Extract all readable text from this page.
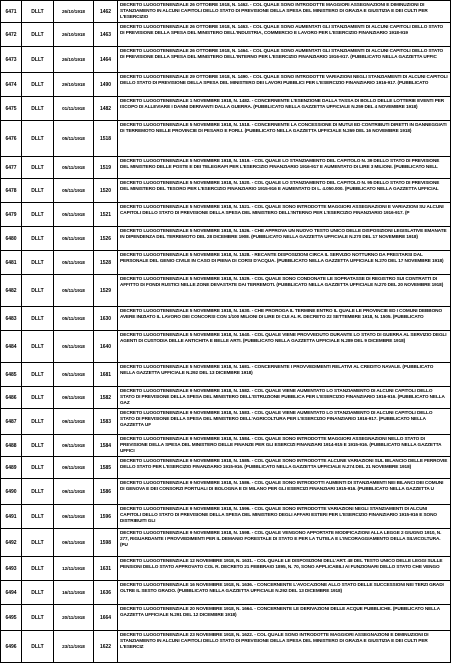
6471	DLLT	26/10/1918	1462
DECRETO LUOGOTENENZIALE 26 OTTOBRE 1918, N. 1462. - COL QUALE SONO INTRODOTTE MAGGIORI ASSEGNAZIONI E DIMINUZIONI DI STANZIAMENTO IN ALCUNI CAPITOLI DELLO STATO DI PREVISIONE DELLA SPESA DEL MINISTERO DI GRAZIA E GIUSTIZIA E DEI CULTI PER L'ESERCIZIO
6472	DLLT	26/10/1918	1463
DECRETO LUOGOTENENZIALE 26 OTTOBRE 1918, N. 1463. - COL QUALE SONO AUMENTATI GLI STANZIAMENTI DI ALCUNI CAPITOLI DELLO STATO DI PREVISIONE DELLA SPESA DEL MINISTERO DELL'INDUSTRIA, COMMERCIO E LAVORO PER L'ESERCIZIO FINANZIARIO 1918-919
6473	DLLT	26/10/1918	1464
DECRETO LUOGOTENENZIALE 26 OTTOBRE 1918, N. 1464. - COL QUALE SONO AUMENTATI GLI STANZIAMENTI DI ALCUNI CAPITOLI DELLO STATO DI PREVISIONE DELLA SPESA DEL MINISTERO DELL'INTERNO PER L'ESERCIZIO FINANZIARIO 1916-917. (PUBBLICATO NELLA GAZZETTA UFFIC
6474	DLLT	29/10/1918	1490
DECRETO LUOGOTENENZIALE 29 OTTOBRE 1918, N. 1490. - COL QUALE SONO INTRODOTTE VARIAZIONI NEGLI STANZIAMENTI DI ALCUNI CAPITOLI DELLO STATO DI PREVISIONE DELLA SPESA DEL MINISTERO DEI LAVORI PUBBLICI PER L'ESERCIZIO FINANZIARIO 1916-917. (PUBBLICATO
6475	DLLT	01/11/1918	1482
DECRETO LUOGOTENENZIALE 1 NOVEMBRE 1918, N. 1482. - CONCERNENTE L'ESENZIONE DALLA TASSA DI BOLLO DELLE LOTTERIE EVENTI PER ISCOPO DI ALLEVIARE I DANNI DERIVANTI DALLA GUERRA. (PUBBLICATO NELLA GAZZETTA UFFICIALE N.259 DEL 4 NOVEMBRE 1918)
6476	DLLT	05/11/1918	1518
DECRETO LUOGOTENENZIALE 5 NOVEMBRE 1918, N. 1518. - CONCERNENTE LA CONCESSIONE DI MUTUI ED CONTRIBUTI DIRETTI IN DANNEGGIATI DI TERREMOTO NELLE PROVINCIE DI PESARO E FORLI. (PUBBLICATO NELLA GAZZETTA UFFICIALE N.269 DEL 16 NOVEMBRE 1918)
6477	DLLT	05/11/1918	1519
DECRETO LUOGOTENENZIALE 5 NOVEMBRE 1918, N. 1519. - COL QUALE LO STANZIAMENTO DEL CAPITOLO N. 39 DELLO STATO DI PREVISIONE DEL MINISTERO DELLE POSTE E DEI TELEGRAFI PER L'ESERCIZIO FINANZIARIO 1916-917 E AUMENTATO DI LIRE 3 MILIONI. (PUBBLICATO NELL
6478	DLLT	05/11/1918	1520
DECRETO LUOGOTENENZIALE 5 NOVEMBRE 1918, N. 1520. - COL QUALE LO STANZIAMENTO DEL CAPITOLO N. 95 DELLO STATO DI PREVISIONE DEL MINISTERO DEL TESORO PER L'ESERCIZIO FINANZIARIO 1915-916 E AUMENTATO DI L. 4.050.000. (PUBBLICATO NELLA GAZZETTA UFFICIAL
6479	DLLT	05/11/1918	1521
DECRETO LUOGOTENENZIALE 5 NOVEMBRE 1918, N. 1521. - COL QUALE SONO INTRODOTTE MAGGIORI ASSEGNAZIONI E VARIAZIONI SU ALCUNI CAPITOLI DELLO STATO DI PREVISIONE DELLA SPESA DEL MINISTERO DELL'INTERNO PER L'ESERCIZIO FINANZIARIO 1916-917. (P
6480	DLLT	05/11/1918	1526
DECRETO LUOGOTENENZIALE 5 NOVEMBRE 1918, N. 1526. - CHE APPROVA UN NUOVO TESTO UNICO DELLE DISPOSIZIONI LEGISLATIVE EMANATE IN DIPENDENZA DEL TERREMOTO DEL 28 DICEMBRE 1908. (PUBBLICATO NELLA GAZZETTA UFFICIALE N.270 DEL 17 NOVEMBRE 1918)
6481	DLLT	05/11/1918	1528
DECRETO LUOGOTENENZIALE 5 NOVEMBRE 1918, N. 1528. - RECANTE DISPOSIZIONI CIRCA IL SERVIZIO NOTTURNO DA PRESTARSI DAL PERSONALE DEL GENIO CIVILE IN CASO DI PIENA DI CORSI D'ACQUA. (PUBBLICATO NELLA GAZZETTA UFFICIALE N.270 DEL 17 NOVEMBRE 1918)
6482	DLLT	05/11/1918	1529
DECRETO LUOGOTENENZIALE 5 NOVEMBRE 1918, N. 1529. - COL QUALE SONO CONDONATE LE SOPRATASSE DI REGISTRO SUI CONTRATTI DI AFFITTO DI FONDI RUSTICI NELLE ZONE DEVASTATE DAI TERREMOTI. (PUBBLICATO NELLA GAZZETTA UFFICIALE N.270 DEL 20 NOVEMBRE 1918)
6483	DLLT	05/11/1918	1630
DECRETO LUOGOTENENZIALE 5 NOVEMBRE 1918, N. 1630. - CHE PROROGA IL TERMINE ENTRO IL QUALE LE PROVINCIE ED I COMUNI DEBBONO AVERE INIZIATO IL LAVORO DEI CONCORSI CON 1/100 MILIONI DI LIRE DI CUI AL R. DECRETO 22 SETTEMBRE 1918, N. 1505. (PUBBLICATO
6484	DLLT	05/11/1918	1640
DECRETO LUOGOTENENZIALE 5 NOVEMBRE 1918, N. 1640. - COL QUALE VIENE PROVVEDUTO DURANTE LO STATO DI GUERRA AL SERVIZIO DEGLI AGENTI DI CUSTODIA DELLE ANTICHITA E BELLE ARTI. (PUBBLICATO NELLA GAZZETTA UFFICIALE N.289 DEL 9 DICEMBRE 1918)
6485	DLLT	05/11/1918	1681
DECRETO LUOGOTENENZIALE 5 NOVEMBRE 1918, N. 1681. - CONCERNENTE I PROVVEDIMENTI RELATIVI AL CREDITO NAVALE. (PUBBLICATO NELLA GAZZETTA UFFICIALE N.292 DEL 13 DICEMBRE 1918)
6486	DLLT	09/11/1918	1582
DECRETO LUOGOTENENZIALE 9 NOVEMBRE 1918, N. 1582. - COL QUALE VIENE AUMENTATO LO STANZIAMENTO DI ALCUNI CAPITOLI DELLO STATO DI PREVISIONE DELLA SPESA DEL MINISTERO DELL'ISTRUZIONE PUBBLICA PER L'ESERCIZIO FINANZIARIO 1916-916. (PUBBLICATO NELLA GAZ
6487	DLLT	09/11/1918	1583
DECRETO LUOGOTENENZIALE 9 NOVEMBRE 1918, N. 1583. - COL QUALE VIENE AUMENTATO LO STANZIAMENTO DI ALCUNI CAPITOLI DELLO STATO DI PREVISIONE DELLA SPESA DEL MINISTERO DELL'AGRICOLTURA PER L'ESERCIZIO FINANZIARIO 1916-917. (PUBBLICATO NELLA GAZZETTA UF
6488	DLLT	09/11/1918	1584
DECRETO LUOGOTENENZIALE 9 NOVEMBRE 1918, N. 1584. - COL QUALE SONO INTRODOTTE MAGGIORI ASSEGNAZIONI NELLO STATO DI PREVISIONE DELLA SPESA DEL MINISTERO DELLE FINANZE PER GLI ESERCIZI FINANZIARI 1914-915 E 1915-916. (PUBBLICATO NELLA GAZZETTA UFFICI
6489	DLLT	09/11/1918	1585
DECRETO LUOGOTENENZIALE 9 NOVEMBRE 1918, N. 1585. - COL QUALE SONO INTRODOTTE ALCUNE VARIAZIONI SUL BILANCIO DELLE FERROVIE DELLO STATO PER L'ESERCIZIO FINANZIARIO 1915-916. (PUBBLICATO NELLA GAZZETTA UFFICIALE N.274 DEL 21 NOVEMBRE 1918)
6490	DLLT	09/11/1918	1586
DECRETO LUOGOTENENZIALE 9 NOVEMBRE 1918, N. 1586. - COL QUALE SONO INTRODOTTI AUMENTI DI STANZIAMENTI NEI BILANCI DEI COMUNI DI GENOVA E DEI CONSORZI PORTUALI DI BOLOGNA E DI MILANO PER GLI ESERCIZI FINANZIARI 1915-916. (PUBBLICATO NELLA GAZZETTA U
6491	DLLT	09/11/1918	1596
DECRETO LUOGOTENENZIALE 9 NOVEMBRE 1918, N. 1596. - COL QUALE SONO INTRODOTTE VARIAZIONI NEGLI STANZIAMENTI DI ALCUNI CAPITOLI DELLO STATO DI PREVISIONE DELLA SPESA DEL MINISTERO DEGLI AFFARI ESTERI PER L'ESERCIZIO FINANZIARIO 1915-916 E SONO DISTRIBUITI GLI
6492	DLLT	09/11/1918	1598
DECRETO LUOGOTENENZIALE 9 NOVEMBRE 1918, N. 1598. - COL QUALE VENGONO APPORTATE MODIFICAZIONI ALLA LEGGE 2 GIUGNO 1910, N. 277, RIGUARDANTE I PROVVEDIMENTI PER IL DEMANIO FORESTALE DI STATO E PER LA TUTELA E L'INCORAGGIAMENTO DELLA SILVICOLTURA. (PU
6493	DLLT	12/11/1918	1631
DECRETO LUOGOTENENZIALE 12 NOVEMBRE 1918, N. 1631. - COL QUALE LE DISPOSIZIONI DELL'ART. 48 DEL TESTO UNICO DELLE LEGGI SULLE PENSIONI DELLO STATO APPROVATO COL R. DECRETO 21 FEBBRAIO 1895, N. 70, SONO APPLICABILI AI FUNZIONARI DELLO STATO CHE VENGO
6494	DLLT	16/11/1918	1636
DECRETO LUOGOTENENZIALE 16 NOVEMBRE 1918, N. 1636. - CONCERNENTE L'AVOCAZIONE ALLO STATO DELLE SUCCESSIONI NEI TERZI GRADI OLTRE IL SESTO GRADO. (PUBBLICATO NELLA GAZZETTA UFFICIALE N.292 DEL 13 DICEMBRE 1918)
6495	DLLT	20/11/1918	1664
DECRETO LUOGOTENENZIALE 20 NOVEMBRE 1918, N. 1664. - CONCERNENTE LE DERIVAZIONI DELLE ACQUE PUBBLICHE. (PUBBLICATO NELLA GAZZETTA UFFICIALE N.291 DEL 12 DICEMBRE 1918)
6496	DLLT	23/11/1918	1622
DECRETO LUOGOTENENZIALE 23 NOVEMBRE 1918, N. 1622. - COL QUALE SONO INTRODOTTE MAGGIORI ASSEGNAZIONI E DIMINUZIONI DI STANZIAMENTO IN ALCUNI CAPITOLI DELLO STATO DI PREVISIONE DELLA SPESA DEL MINISTERO DI GRAZIA E GIUSTIZIA E DEI CULTI PER L'ESERCIZ
